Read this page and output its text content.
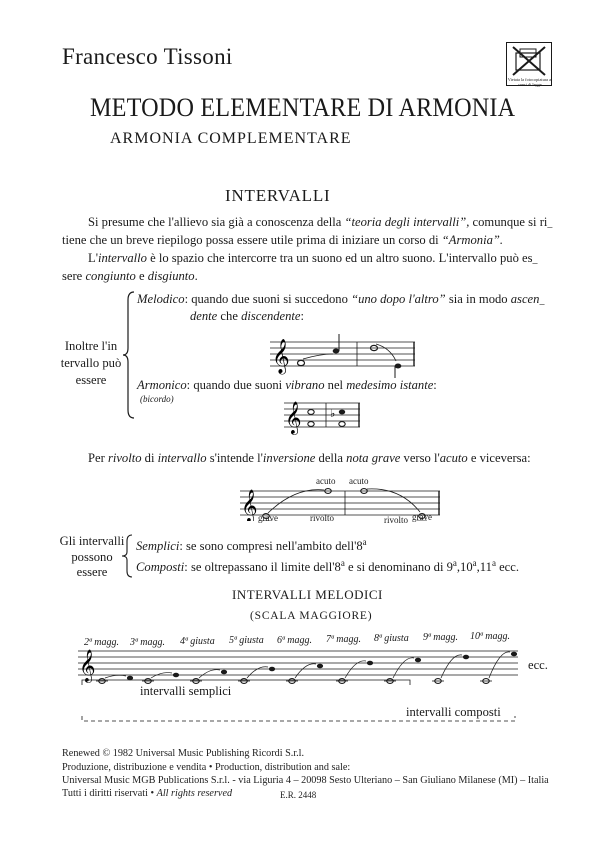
Francesco Tissoni
Vietata la fotocopiatura ai sensi di legge
METODO ELEMENTARE DI ARMONIA
ARMONIA COMPLEMENTARE
INTERVALLI
Si presume che l'allievo sia già a conoscenza della “teoria degli intervalli”, comunque si ri_
tiene che un breve riepilogo possa essere utile prima di iniziare un corso di “Armonia”.
L'intervallo è lo spazio che intercorre tra un suono ed un altro suono. L'intervallo può es_
sere congiunto e disgiunto.
Inoltre l'in
tervallo può
essere
Melodico: quando due suoni si succedono “uno dopo l'altro” sia in modo ascen_
dente che discendente:
𝄞
Armonico: quando due suoni vibrano nel medesimo istante:
(bicordo)
𝄞	♭
Per rivolto di intervallo s'intende l'inversione della nota grave verso l'acuto e viceversa:
acuto acuto
𝄞 grave	rivolto	rivolto grave
Gli intervalli
possono
essere
Semplici: se sono compresi nell'ambito dell'8$^a$
Composti: se oltrepassano il limite dell'8$^a$ e si denominano di 9$^a$,10$^a$,11$^a$ ecc.
INTERVALLI MELODICI
(SCALA MAGGIORE)
𝄞	ecc.
intervalli semplici
intervalli composti
Renewed © 1982 Universal Music Publishing Ricordi S.r.l.
Produzione, distribuzione e vendita • Production, distribution and sale:
Universal Music MGB Publications S.r.l. - via Liguria 4 – 20098 Sesto Ulteriano – San Giuliano Milanese (MI) – Italia
Tutti i diritti riservati • All rights reserved	E.R. 2448
2ª magg. 3ª magg. 4ª giusta 5ª giusta 6ª magg. 7ª magg. 8ª giusta 9ª magg. 10ª magg.
